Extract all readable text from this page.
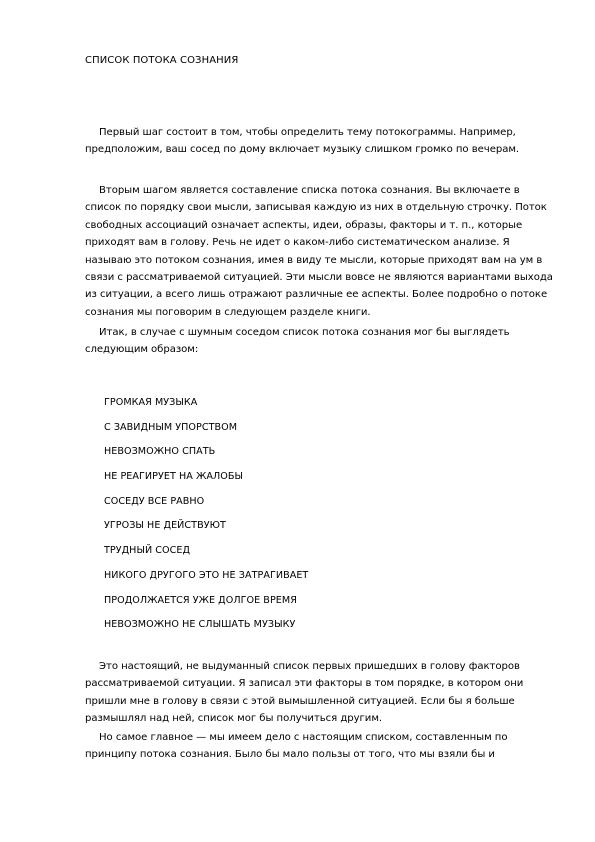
СПИСОК ПОТОКА СОЗНАНИЯ

Первый шаг состоит в том, чтобы определить тему потокограммы. Например, предположим, ваш сосед по дому включает музыку слишком громко по вечерам.

Вторым шагом является составление списка потока сознания. Вы включаете в список по порядку свои мысли, записывая каждую из них в отдельную строчку. Поток свободных ассоциаций означает аспекты, идеи, образы, факторы и т. п., которые приходят вам в голову. Речь не идет о каком-либо систематическом анализе. Я называю это потоком сознания, имея в виду те мысли, которые приходят вам на ум в связи с рассматриваемой ситуацией. Эти мысли вовсе не являются вариантами выхода из ситуации, а всего лишь отражают различные ее аспекты. Более подробно о потоке сознания мы поговорим в следующем разделе книги.

Итак, в случае с шумным соседом список потока сознания мог бы выглядеть следующим образом:

ГРОМКАЯ МУЗЫКА
С ЗАВИДНЫМ УПОРСТВОМ
НЕВОЗМОЖНО СПАТЬ
НЕ РЕАГИРУЕТ НА ЖАЛОБЫ
СОСЕДУ ВСЕ РАВНО
УГРОЗЫ НЕ ДЕЙСТВУЮТ
ТРУДНЫЙ СОСЕД
НИКОГО ДРУГОГО ЭТО НЕ ЗАТРАГИВАЕТ
ПРОДОЛЖАЕТСЯ УЖЕ ДОЛГОЕ ВРЕМЯ
НЕВОЗМОЖНО НЕ СЛЫШАТЬ МУЗЫКУ

Это настоящий, не выдуманный список первых пришедших в голову факторов рассматриваемой ситуации. Я записал эти факторы в том порядке, в котором они пришли мне в голову в связи с этой вымышленной ситуацией. Если бы я больше размышлял над ней, список мог бы получиться другим.

Но самое главное — мы имеем дело с настоящим списком, составленным по принципу потока сознания. Было бы мало пользы от того, что мы взяли бы и
